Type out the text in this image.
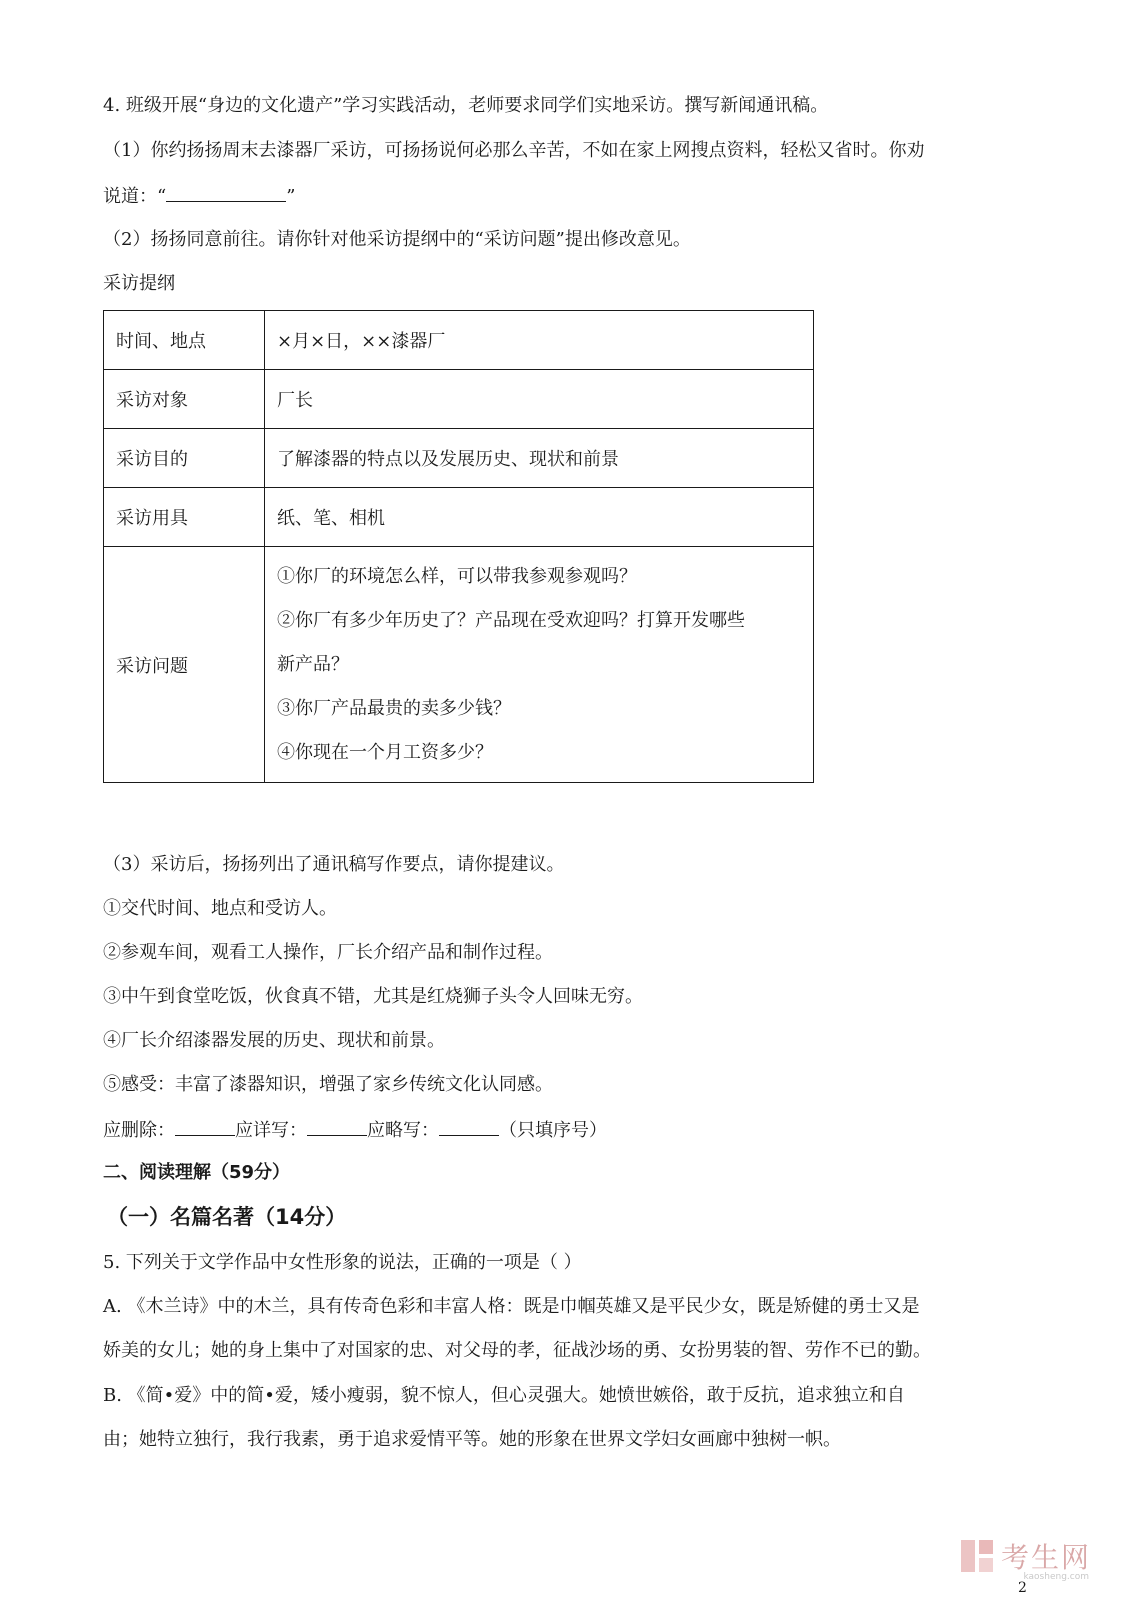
4. 班级开展“身边的文化遗产”学习实践活动，老师要求同学们实地采访。撰写新闻通讯稿。
（1）你约扬扬周末去漆器厂采访，可扬扬说何必那么辛苦，不如在家上网搜点资料，轻松又省时。你劝
说道：“	”
（2）扬扬同意前往。请你针对他采访提纲中的“采访问题”提出修改意见。
采访提纲
时间、地点	×月×日，××漆器厂
采访对象	厂长
采访目的	了解漆器的特点以及发展历史、现状和前景
采访用具	纸、笔、相机
采访问题	①你厂的环境怎么样，可以带我参观参观吗？
②你厂有多少年历史了？产品现在受欢迎吗？打算开发哪些
新产品？
③你厂产品最贵的卖多少钱？
④你现在一个月工资多少？
（3）采访后，扬扬列出了通讯稿写作要点，请你提建议。
①交代时间、地点和受访人。
②参观车间，观看工人操作，厂长介绍产品和制作过程。
③中午到食堂吃饭，伙食真不错，尤其是红烧狮子头令人回味无穷。
④厂长介绍漆器发展的历史、现状和前景。
⑤感受：丰富了漆器知识，增强了家乡传统文化认同感。
应删除：	应详写：	应略写：	（只填序号）
二、阅读理解（59分）
（一）名篇名著（14分）
5. 下列关于文学作品中女性形象的说法，正确的一项是（ ）
A. 《木兰诗》中的木兰，具有传奇色彩和丰富人格：既是巾帼英雄又是平民少女，既是矫健的勇士又是
娇美的女儿；她的身上集中了对国家的忠、对父母的孝，征战沙场的勇、女扮男装的智、劳作不已的勤。
B. 《简•爱》中的简•爱，矮小瘦弱，貌不惊人，但心灵强大。她愤世嫉俗，敢于反抗，追求独立和自
由；她特立独行，我行我素，勇于追求爱情平等。她的形象在世界文学妇女画廊中独树一帜。
考生网
kaosheng.com
2
